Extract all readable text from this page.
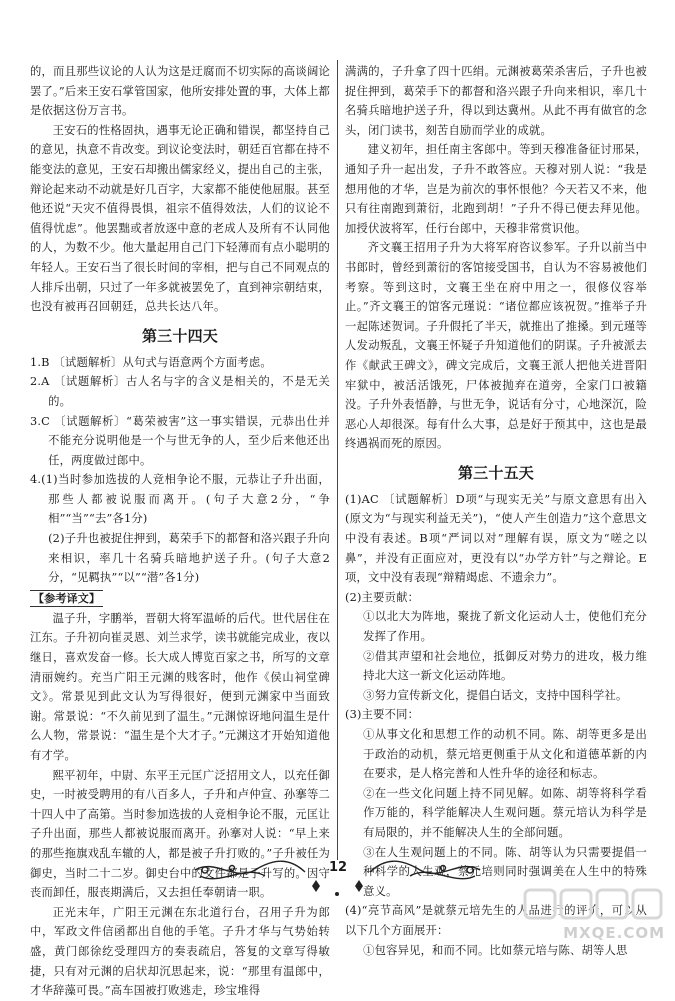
的，而且那些议论的人认为这是迂腐而不切实际的高谈阔论罢了。”后来王安石掌管国家，他所安排处置的事，大体上都是依据这份万言书。

王安石的性格固执，遇事无论正确和错误，都坚持自己的意见，执意不肯改变。到议论变法时，朝廷百官都在持不能变法的意见，王安石却搬出儒家经义，提出自己的主张，辩论起来动不动就是好几百字，大家都不能使他屈服。甚至他还说“天灾不值得畏惧，祖宗不值得效法，人们的议论不值得忧虑”。他罢黜或者放逐中意的老成人及所有不认同他的人，为数不少。他大量起用自己门下轻薄而有点小聪明的年轻人。王安石当了很长时间的宰相，把与自己不同观点的人排斥出朝，只过了一年多就被罢免了，直到神宗朝结束，也没有被再召回朝廷，总共长达八年。

第三十四天

1.B 〔试题解析〕从句式与语意两个方面考虑。

2.A 〔试题解析〕古人名与字的含义是相关的，不是无关的。

3.C 〔试题解析〕“葛荣被害”这一事实错误，元恭出仕并不能充分说明他是一个与世无争的人，至少后来他还出任，两度做过郎中。

4.(1)当时参加选拔的人竞相争论不服，元恭让子升出面，那些人都被说服而离开。(句子大意2分，“争相”“当”“去”各1分)

(2)子升也被捉住押到，葛荣手下的都督和洛兴跟子升向来相识，率几十名骑兵暗地护送子升。(句子大意2分，“见羁执”“以”“潜”各1分)

【参考译文】

温子升，字鹏举，晋朝大将军温峤的后代。世代居住在江东。子升初向崔灵恩、刘兰求学，读书就能完成业，夜以继日，喜欢发奋一修。长大成人博览百家之书，所写的文章清丽婉约。充当广阳王元渊的贱客时，他作《侯山祠堂碑文》。常景见到此文认为写得很好，便到元渊家中当面致谢。常景说：“不久前见到了温生。”元渊惊讶地问温生是什么人物，常景说：“温生是个大才子。”元渊这才开始知道他有才学。

熙平初年，中尉、东平王元匡广泛招用文人，以充任御史，一时被受聘用的有八百多人，子升和卢仲宣、孙搴等二十四人中了高第。当时参加选拔的人竞相争论不服，元匡让子升出面，那些人都被说服而离开。孙搴对人说：“早上来的那些拖旗戏乱车辙的人，都是被子升打败的。”子升被任为御史，当时二十二岁。御史台中的文件都是子升写的。因守丧而卸任，服丧期满后，又去担任奉朝请一职。

正光末年，广阳王元渊在东北道行台，召用子升为郎中，军政文件信函都出自他的手笔。子升才华与气势始转盛，黄门郎徐纥受理四方的奏表疏启，答复的文章写得敏捷，只有对元渊的启状却沉思起来，说：“那里有温郎中，才华辞藻可畏。”高车国被打败逃走，珍宝堆得

满满的，子升拿了四十匹绢。元渊被葛荣杀害后，子升也被捉住押到，葛荣手下的都督和洛兴跟子升向来相识，率几十名骑兵暗地护送子升，得以到达冀州。从此不再有做官的念头，闭门读书，刻苦自励而学业的成就。

建义初年，担任南主客郎中。等到天穆准备征讨邢杲，通知子升一起出发，子升不敢答应。天穆对别人说：“我是想用他的才华，岂是为前次的事怀恨他？今天若又不来，他只有往南跑到萧衍，北跑到胡！”子升不得已便去拜见他。加授伏波将军，任行台郎中，天穆非常赏识他。

齐文襄王招用子升为大将军府咨议参军。子升以前当中书郎时，曾经到萧衍的客馆接受国书，自认为不容易被他们考察。等到这时，文襄王坐在府中用之一，很修仪容举止。”齐文襄王的馆客元瑾说：“诸位都应该祝贺。”推举子升一起陈述贺词。子升假托了半天，就推出了推搡。到元瑾等人发动叛乱，文襄王怀疑子升知道他们的阴谋。子升被派去作《献武王碑文》，碑文完成后，文襄王派人把他关进晋阳牢狱中，被活活饿死，尸体被抛弃在道旁，全家门口被籍没。子升外表悟静，与世无争，说话有分寸，心地深沉，险恶心人却很深。每有什么大事，总是好于预其中，这也是最终遇祸而死的原因。

第三十五天

(1)AC 〔试题解析〕D项“与现实无关”与原文意思有出入(原文为“与现实利益无关”)，“使人产生创造力”这个意思文中没有表述。B项“严词以对”理解有误，原文为“嗟之以鼻”，并没有正面应对，更没有以“办学方针”与之辩论。E项，文中没有表现“辩精竭虑、不遗余力”。

(2)主要贡献：

①以北大为阵地，聚拢了新文化运动人士，使他们充分发挥了作用。

②借其声望和社会地位，抵御反对势力的进攻，极力维持北大这一新文化运动阵地。

③努力宣传新文化，提倡白话文，支持中国科学社。

(3)主要不同：

①从事文化和思想工作的动机不同。陈、胡等更多是出于政治的动机，蔡元培更侧重于从文化和道德革新的内在要求，是人格完善和人性升华的途径和标志。

②在一些文化问题上持不同见解。如陈、胡等将科学看作万能的，科学能解决人生观问题。蔡元培认为科学是有局限的，并不能解决人生的全部问题。

③在人生观问题上的不同。陈、胡等认为只需要提倡一种科学的人生观，蔡元培则同时强调美在人生中的特殊意义。

(4)“亮节高风”是就蔡元培先生的人品进行的评价，可以从以下几个方面展开：

①包容异见，和而不同。比如蔡元培与陈、胡等人思

12
MXQE.COM
